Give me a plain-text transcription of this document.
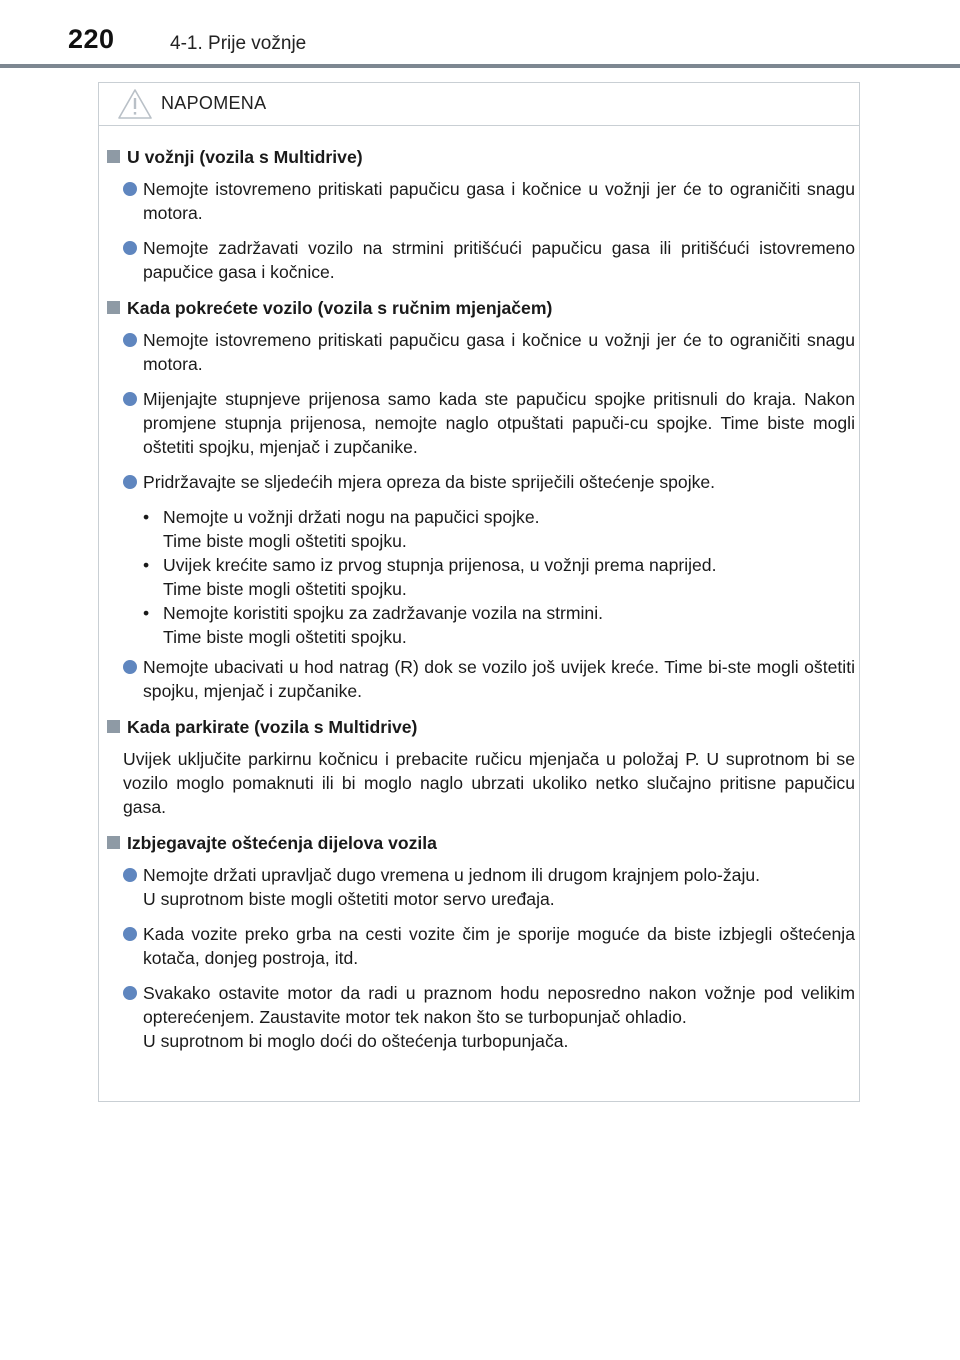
220	4-1. Prije vožnje
NAPOMENA
U vožnji (vozila s Multidrive)
Nemojte istovremeno pritiskati papučicu gasa i kočnice u vožnji jer će to ograničiti snagu motora.
Nemojte zadržavati vozilo na strmini pritišćući papučicu gasa ili pritišćući istovremeno papučice gasa i kočnice.
Kada pokrećete vozilo (vozila s ručnim mjenjačem)
Nemojte istovremeno pritiskati papučicu gasa i kočnice u vožnji jer će to ograničiti snagu motora.
Mijenjajte stupnjeve prijenosa samo kada ste papučicu spojke pritisnuli do kraja. Nakon promjene stupnja prijenosa, nemojte naglo otpuštati papuči-cu spojke. Time biste mogli oštetiti spojku, mjenjač i zupčanike.
Pridržavajte se sljedećih mjera opreza da biste spriječili oštećenje spojke.
• Nemojte u vožnji držati nogu na papučici spojke.
Time biste mogli oštetiti spojku.
• Uvijek krećite samo iz prvog stupnja prijenosa, u vožnji prema naprijed.
Time biste mogli oštetiti spojku.
• Nemojte koristiti spojku za zadržavanje vozila na strmini.
Time biste mogli oštetiti spojku.
Nemojte ubacivati u hod natrag (R) dok se vozilo još uvijek kreće. Time bi-ste mogli oštetiti spojku, mjenjač i zupčanike.
Kada parkirate (vozila s Multidrive)
Uvijek uključite parkirnu kočnicu i prebacite ručicu mjenjača u položaj P. U suprotnom bi se vozilo moglo pomaknuti ili bi moglo naglo ubrzati ukoliko netko slučajno pritisne papučicu gasa.
Izbjegavajte oštećenja dijelova vozila
Nemojte držati upravljač dugo vremena u jednom ili drugom krajnjem polo-žaju.
U suprotnom biste mogli oštetiti motor servo uređaja.
Kada vozite preko grba na cesti vozite čim je sporije moguće da biste izbjegli oštećenja kotača, donjeg postroja, itd.
Svakako ostavite motor da radi u praznom hodu neposredno nakon vožnje pod velikim opterećenjem. Zaustavite motor tek nakon što se turbopunjač ohladio.
U suprotnom bi moglo doći do oštećenja turbopunjača.
